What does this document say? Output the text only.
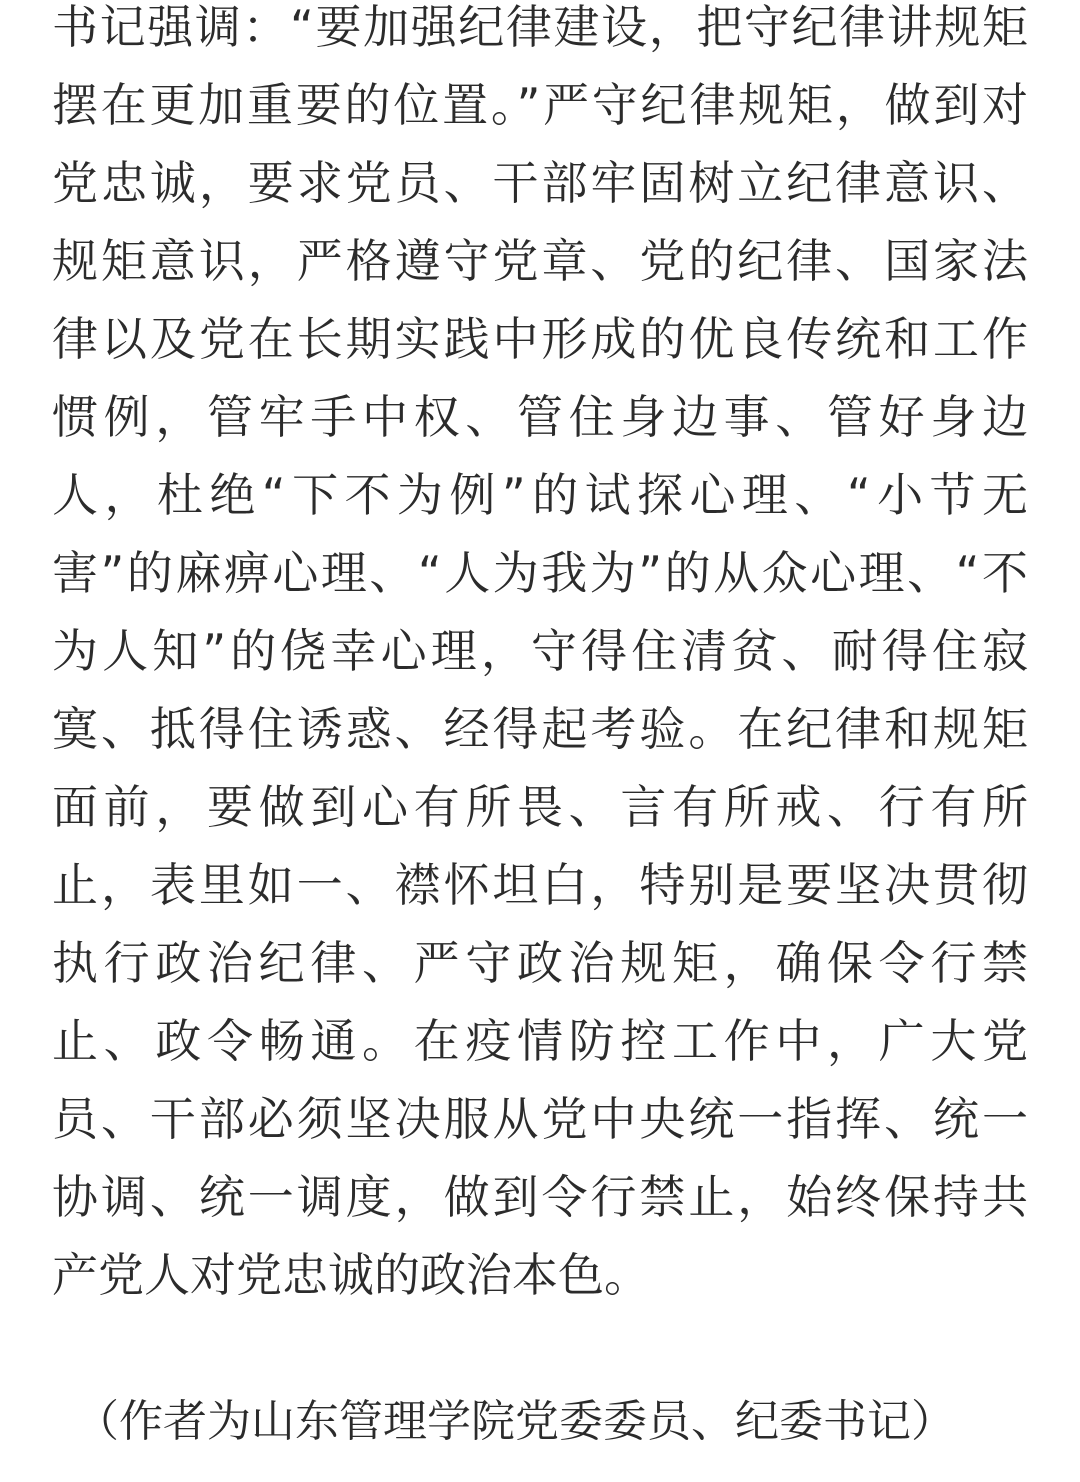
书记强调：“要加强纪律建设，把守纪律讲规矩
摆在更加重要的位置。”严守纪律规矩，做到对
党忠诚，要求党员、干部牢固树立纪律意识、
规矩意识，严格遵守党章、党的纪律、国家法
律以及党在长期实践中形成的优良传统和工作
惯例，管牢手中权、管住身边事、管好身边
人，杜绝“下不为例”的试探心理、“小节无
害”的麻痹心理、“人为我为”的从众心理、“不
为人知”的侥幸心理，守得住清贫、耐得住寂
寞、抵得住诱惑、经得起考验。在纪律和规矩
面前，要做到心有所畏、言有所戒、行有所
止，表里如一、襟怀坦白，特别是要坚决贯彻
执行政治纪律、严守政治规矩，确保令行禁
止、政令畅通。在疫情防控工作中，广大党
员、干部必须坚决服从党中央统一指挥、统一
协调、统一调度，做到令行禁止，始终保持共
产党人对党忠诚的政治本色。
（作者为山东管理学院党委委员、纪委书记）
